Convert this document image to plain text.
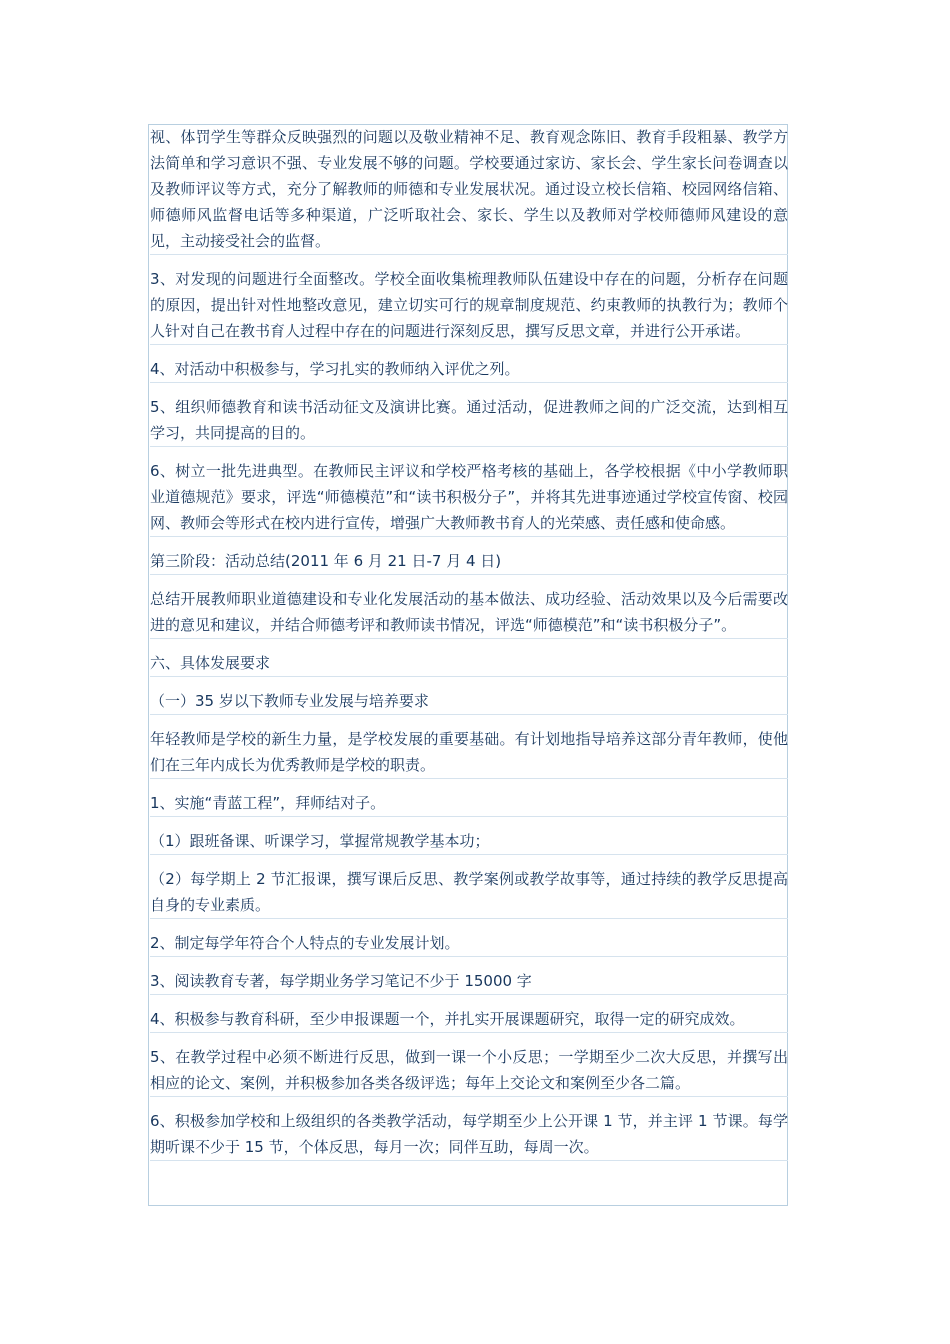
视、体罚学生等群众反映强烈的问题以及敬业精神不足、教育观念陈旧、教育手段粗暴、教学方法简单和学习意识不强、专业发展不够的问题。学校要通过家访、家长会、学生家长问卷调查以及教师评议等方式，充分了解教师的师德和专业发展状况。通过设立校长信箱、校园网络信箱、师德师风监督电话等多种渠道，广泛听取社会、家长、学生以及教师对学校师德师风建设的意见，主动接受社会的监督。

3、对发现的问题进行全面整改。学校全面收集梳理教师队伍建设中存在的问题，分析存在问题的原因，提出针对性地整改意见，建立切实可行的规章制度规范、约束教师的执教行为；教师个人针对自己在教书育人过程中存在的问题进行深刻反思，撰写反思文章，并进行公开承诺。

4、对活动中积极参与，学习扎实的教师纳入评优之列。

5、组织师德教育和读书活动征文及演讲比赛。通过活动，促进教师之间的广泛交流，达到相互学习，共同提高的目的。

6、树立一批先进典型。在教师民主评议和学校严格考核的基础上，各学校根据《中小学教师职业道德规范》要求，评选“师德模范”和“读书积极分子”，并将其先进事迹通过学校宣传窗、校园网、教师会等形式在校内进行宣传，增强广大教师教书育人的光荣感、责任感和使命感。

第三阶段：活动总结(2011 年 6 月 21 日-7 月 4 日)

总结开展教师职业道德建设和专业化发展活动的基本做法、成功经验、活动效果以及今后需要改进的意见和建议，并结合师德考评和教师读书情况，评选“师德模范”和“读书积极分子”。

六、具体发展要求

（一）35 岁以下教师专业发展与培养要求

年轻教师是学校的新生力量，是学校发展的重要基础。有计划地指导培养这部分青年教师，使他们在三年内成长为优秀教师是学校的职责。

1、实施“青蓝工程”，拜师结对子。

（1）跟班备课、听课学习，掌握常规教学基本功；

（2）每学期上 2 节汇报课，撰写课后反思、教学案例或教学故事等，通过持续的教学反思提高自身的专业素质。

2、制定每学年符合个人特点的专业发展计划。

3、阅读教育专著，每学期业务学习笔记不少于 15000 字

4、积极参与教育科研，至少申报课题一个，并扎实开展课题研究，取得一定的研究成效。

5、在教学过程中必须不断进行反思，做到一课一个小反思；一学期至少二次大反思，并撰写出相应的论文、案例，并积极参加各类各级评选；每年上交论文和案例至少各二篇。

6、积极参加学校和上级组织的各类教学活动，每学期至少上公开课 1 节，并主评 1 节课。每学期听课不少于 15 节，个体反思，每月一次；同伴互助，每周一次。
